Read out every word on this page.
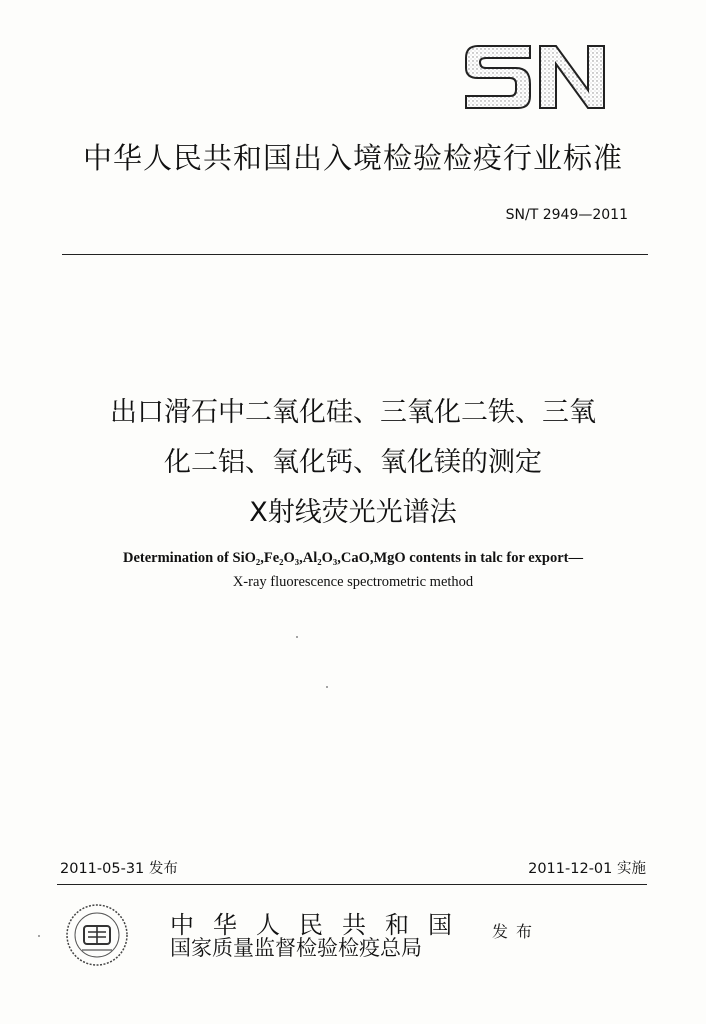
中华人民共和国出入境检验检疫行业标准
SN/T 2949—2011
出口滑石中二氧化硅、三氧化二铁、三氧
化二铝、氧化钙、氧化镁的测定
X射线荧光光谱法
Determination of SiO₂,Fe₂O₃,Al₂O₃,CaO,MgO contents in talc for export—
X-ray fluorescence spectrometric method
2011-05-31 发布	2011-12-01 实施
中华人民共和国
国家质量监督检验检疫总局
发布
